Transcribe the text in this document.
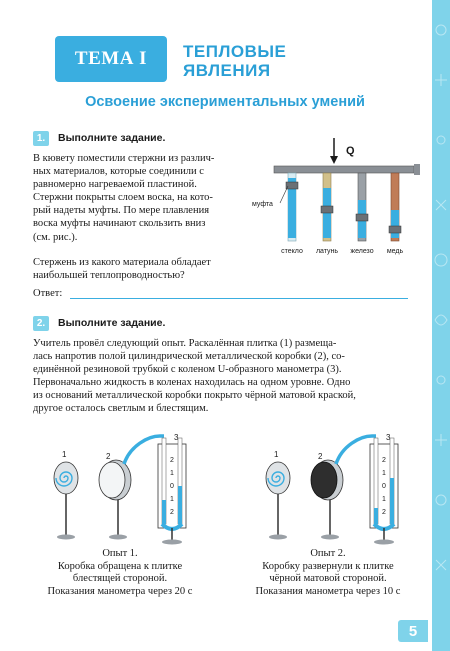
ТЕМА I ТЕПЛОВЫЕ
ЯВЛЕНИЯ
Освоение экспериментальных умений
1. Выполните задание.
В кювету поместили стержни из различ-
ных материалов, которые соединили с
равномерно нагреваемой пластиной.
Стержни покрыты слоем воска, на кото-
рый надеты муфты. По мере плавления
воска муфты начинают скользить вниз
(см. рис.).
Стержень из какого материала обладает
наибольшей теплопроводностью?
Ответ:
Q
муфта
стекло латунь железо медь
2. Выполните задание.
Учитель провёл следующий опыт. Раскалённая плитка (1) размеща-
лась напротив полой цилиндрической металлической коробки (2), со-
единённой резиновой трубкой с коленом U-образного манометра (3).
Первоначально жидкость в коленах находилась на одном уровне. Одно
из оснований металлической коробки покрыто чёрной матовой краской,
другое осталось светлым и блестящим.
1	2
3
2
1
0
1
2
1	2
3
2
1
0
1
2
Опыт 1.
Коробка обращена к плитке
блестящей стороной.
Показания манометра через 20 с
Опыт 2.
Коробку развернули к плитке
чёрной матовой стороной.
Показания манометра через 10 с
5
